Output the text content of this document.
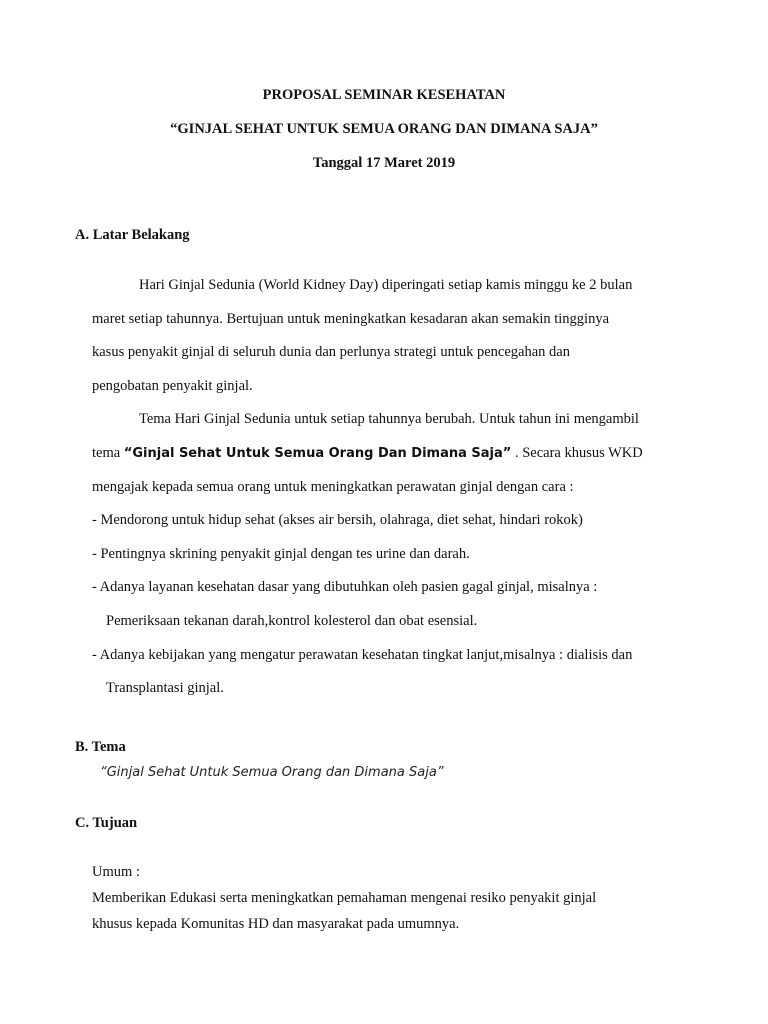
PROPOSAL SEMINAR KESEHATAN
“GINJAL SEHAT UNTUK SEMUA ORANG DAN DIMANA SAJA”
Tanggal 17 Maret 2019
A. Latar Belakang
Hari Ginjal Sedunia (World Kidney Day) diperingati setiap kamis minggu ke 2 bulan
maret setiap tahunnya. Bertujuan untuk meningkatkan kesadaran akan semakin tingginya
kasus penyakit ginjal di seluruh dunia dan perlunya strategi untuk pencegahan dan
pengobatan penyakit ginjal.
Tema Hari Ginjal Sedunia untuk setiap tahunnya berubah. Untuk tahun ini mengambil
tema “Ginjal Sehat Untuk Semua Orang Dan Dimana Saja” . Secara khusus WKD
mengajak kepada semua orang untuk meningkatkan perawatan ginjal dengan cara :
- Mendorong untuk hidup sehat (akses air bersih, olahraga, diet sehat, hindari rokok)
- Pentingnya skrining penyakit ginjal dengan tes urine dan darah.
- Adanya layanan kesehatan dasar yang dibutuhkan oleh pasien gagal ginjal, misalnya :
Pemeriksaan tekanan darah,kontrol kolesterol dan obat esensial.
- Adanya kebijakan yang mengatur perawatan kesehatan tingkat lanjut,misalnya : dialisis dan
Transplantasi ginjal.
B. Tema
“Ginjal Sehat Untuk Semua Orang dan Dimana Saja”
C. Tujuan
Umum :
Memberikan Edukasi serta meningkatkan pemahaman mengenai resiko penyakit ginjal
khusus kepada Komunitas HD dan masyarakat pada umumnya.
